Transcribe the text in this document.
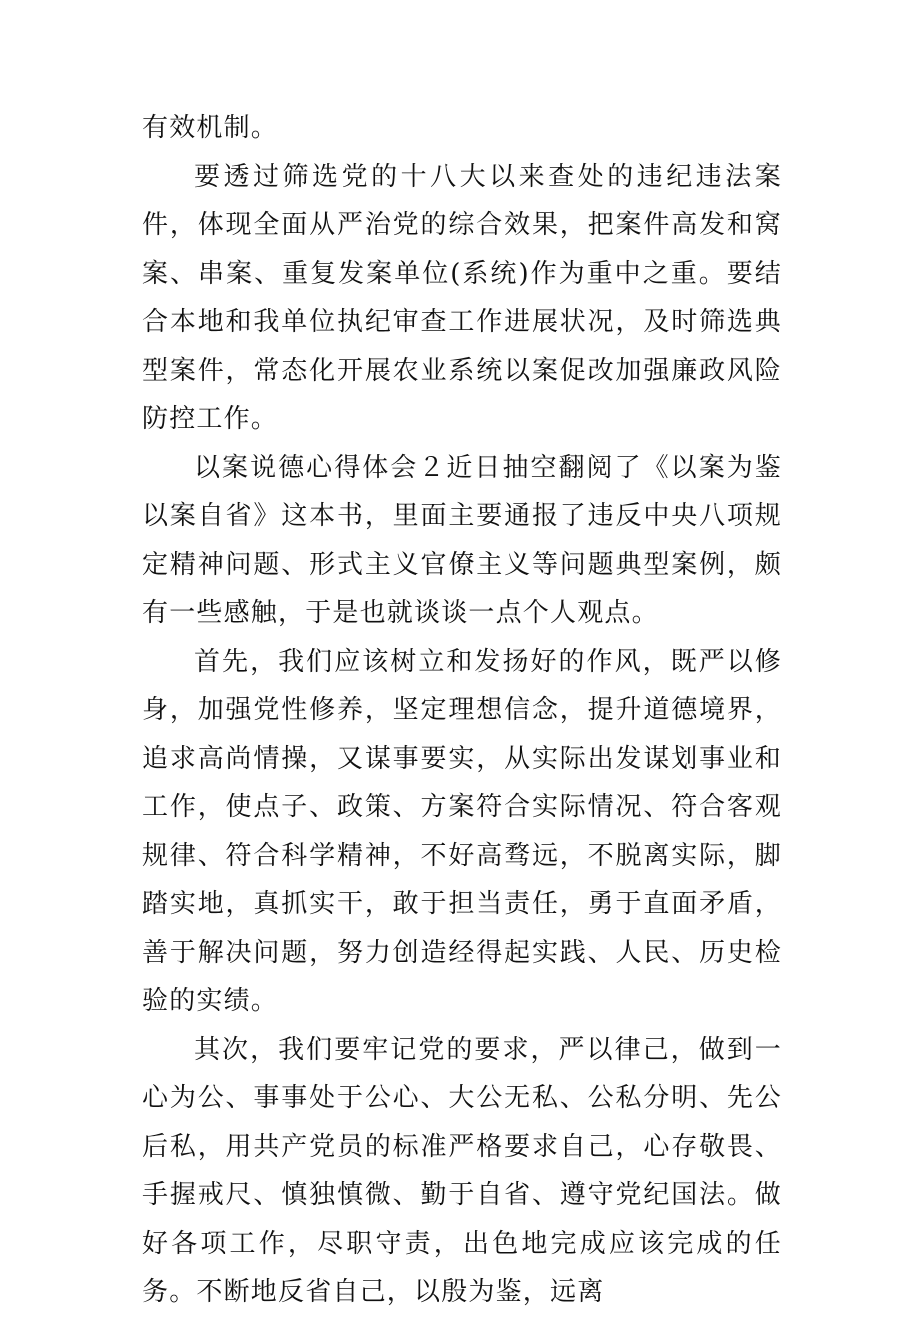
有效机制。

要透过筛选党的十八大以来查处的违纪违法案件，体现全面从严治党的综合效果，把案件高发和窝案、串案、重复发案单位(系统)作为重中之重。要结合本地和我单位执纪审查工作进展状况，及时筛选典型案件，常态化开展农业系统以案促改加强廉政风险防控工作。

以案说德心得体会２近日抽空翻阅了《以案为鉴以案自省》这本书，里面主要通报了违反中央八项规定精神问题、形式主义官僚主义等问题典型案例，颇有一些感触，于是也就谈谈一点个人观点。

首先，我们应该树立和发扬好的作风，既严以修身，加强党性修养，坚定理想信念，提升道德境界，追求高尚情操，又谋事要实，从实际出发谋划事业和工作，使点子、政策、方案符合实际情况、符合客观规律、符合科学精神，不好高骛远，不脱离实际，脚踏实地，真抓实干，敢于担当责任，勇于直面矛盾，善于解决问题，努力创造经得起实践、人民、历史检验的实绩。

其次，我们要牢记党的要求，严以律己，做到一心为公、事事处于公心、大公无私、公私分明、先公后私，用共产党员的标准严格要求自己，心存敬畏、手握戒尺、慎独慎微、勤于自省、遵守党纪国法。做好各项工作，尽职守责，出色地完成应该完成的任务。不断地反省自己，以殷为鉴，远离
